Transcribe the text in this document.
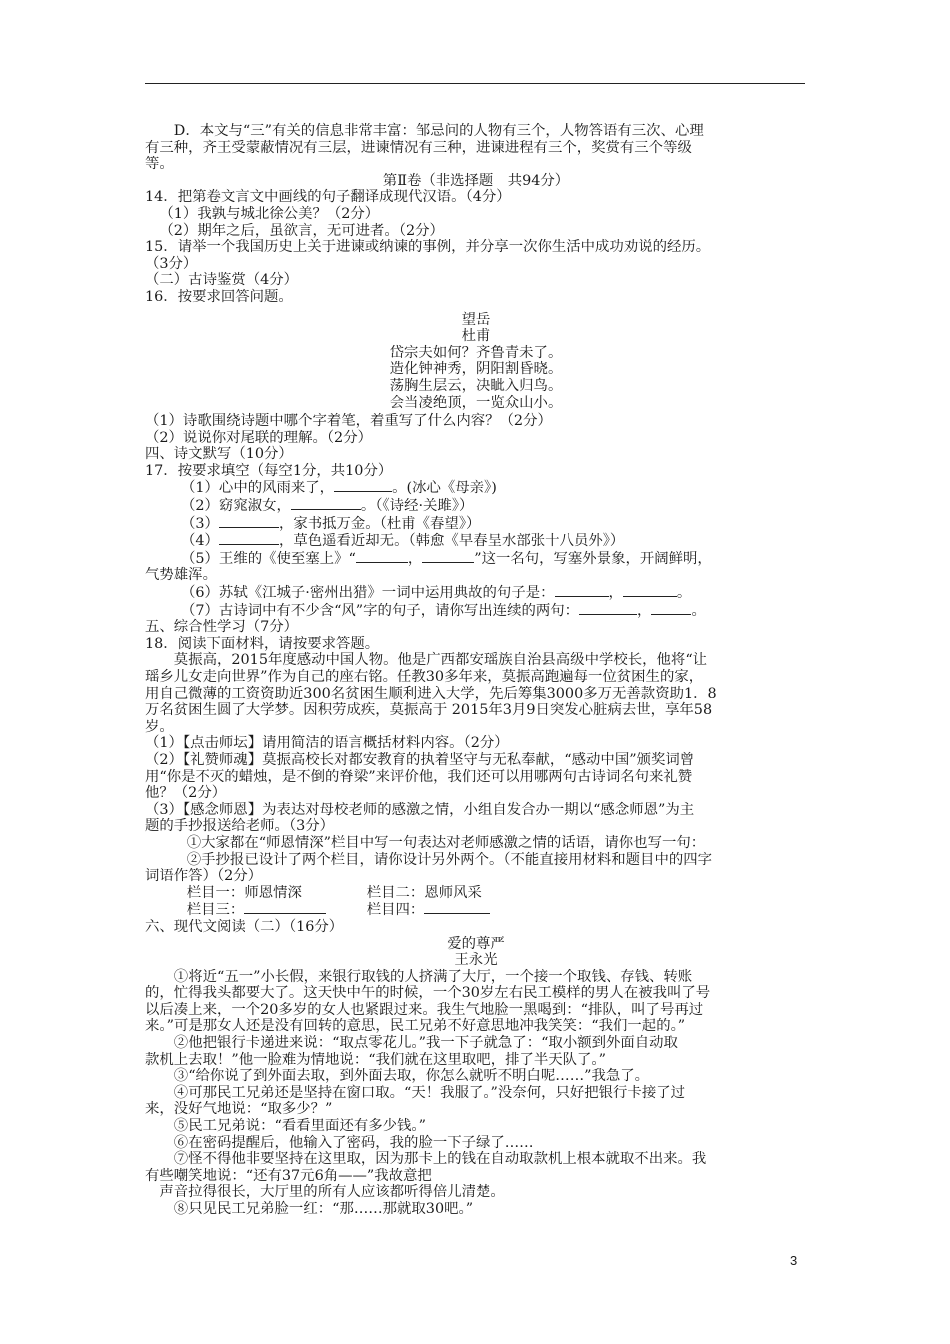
D．本文与“三”有关的信息非常丰富：邹忌问的人物有三个，人物答语有三次、心理

有三种，齐王受蒙蔽情况有三层，进谏情况有三种，进谏进程有三个，奖赏有三个等级

等。

第Ⅱ卷（非选择题　共94分）

14．把第卷文言文中画线的句子翻译成现代汉语。（4分）

（1）我孰与城北徐公美？（2分）

（2）期年之后，虽欲言，无可进者。（2分）

15．请举一个我国历史上关于进谏或纳谏的事例，并分享一次你生活中成功劝说的经历。

（3分）

（二）古诗鉴赏（4分）

16．按要求回答问题。

望岳

杜甫

岱宗夫如何？齐鲁青未了。

造化钟神秀，阴阳割昏晓。

荡胸生层云，决眦入归鸟。

会当凌绝顶，一览众山小。

（1）诗歌围绕诗题中哪个字着笔，着重写了什么内容？（2分）

（2）说说你对尾联的理解。（2分）

四、诗文默写（10分）

17．按要求填空（每空1分，共10分）

（1）心中的风雨来了，	。(冰心《母亲》)

（2）窈窕淑女，	。（《诗经·关雎》）

（3）	，家书抵万金。（杜甫《春望》）

（4）	，草色遥看近却无。（韩愈《早春呈水部张十八员外》）

（5）王维的《使至塞上》“	，	”这一名句，写塞外景象，开阔鲜明，

气势雄浑。

（6）苏轼《江城子·密州出猎》一词中运用典故的句子是：	，	。

（7）古诗词中有不少含“风”字的句子，请你写出连续的两句：	，	。

五、综合性学习（7分）

18．阅读下面材料，请按要求答题。

莫振高，2015年度感动中国人物。他是广西都安瑶族自治县高级中学校长，他将“让

瑶乡儿女走向世界”作为自己的座右铭。任教30多年来，莫振高跑遍每一位贫困生的家，

用自己微薄的工资资助近300名贫困生顺利进入大学，先后筹集3000多万无善款资助1．8

万名贫困生圆了大学梦。因积劳成疾，莫振高于 2015年3月9日突发心脏病去世，享年58

岁。

（1）【点击师坛】请用简洁的语言概括材料内容。（2分）

（2）【礼赞师魂】莫振高校长对都安教育的执着坚守与无私奉献，“感动中国”颁奖词曾

用“你是不灭的蜡烛，是不倒的脊梁”来评价他，我们还可以用哪两句古诗词名句来礼赞

他？（2分）

（3）【感念师恩】为表达对母校老师的感激之情，小组自发合办一期以“感念师恩”为主

题的手抄报送给老师。（3分）

①大家都在“师恩情深”栏目中写一句表达对老师感激之情的话语，请你也写一句：

②手抄报已设计了两个栏目，请你设计另外两个。（不能直接用材料和题目中的四字

词语作答）（2分）

栏目一：师恩情深	栏目二：恩师风采

栏目三：	栏目四：

六、现代文阅读（二）（16分）

爱的尊严

王永光

①将近“五一”小长假，来银行取钱的人挤满了大厅，一个接一个取钱、存钱、转账

的，忙得我头都要大了。这天快中午的时候，一个30岁左右民工模样的男人在被我叫了号

以后凑上来，一个20多岁的女人也紧跟过来。我生气地脸一黑喝到：“排队，叫了号再过

来。”可是那女人还是没有回转的意思，民工兄弟不好意思地冲我笑笑：“我们一起的。”

②他把银行卡递进来说：“取点零花儿。”我一下子就急了：“取小额到外面自动取

款机上去取！”他一脸难为情地说：“我们就在这里取吧，排了半天队了。”

③“给你说了到外面去取，到外面去取，你怎么就听不明白呢……”我急了。

④可那民工兄弟还是坚持在窗口取。“天！我服了。”没奈何，只好把银行卡接了过

来，没好气地说：“取多少？”

⑤民工兄弟说：“看看里面还有多少钱。”

⑥在密码提醒后，他输入了密码，我的脸一下子绿了……

⑦怪不得他非要坚持在这里取，因为那卡上的钱在自动取款机上根本就取不出来。我

有些嘲笑地说：“还有37元6角——”我故意把

声音拉得很长，大厅里的所有人应该都听得倍儿清楚。

⑧只见民工兄弟脸一红：“那……那就取30吧。”

3
